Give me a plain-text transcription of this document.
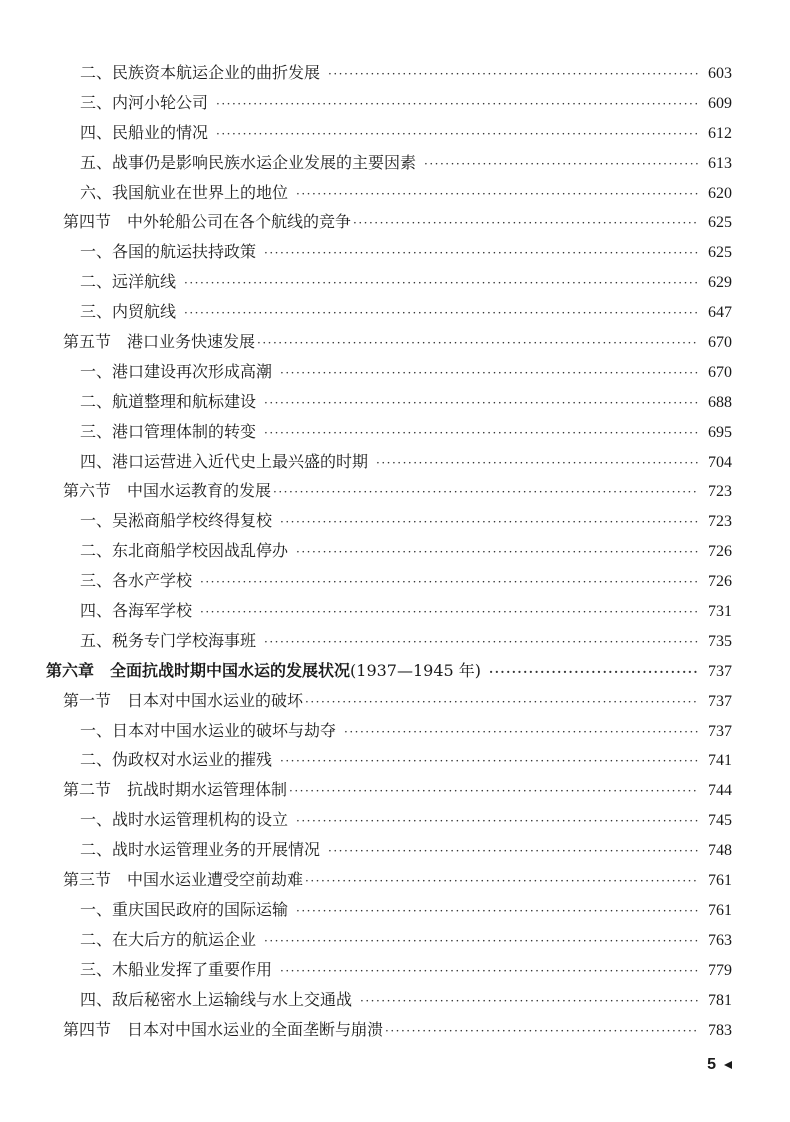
二、民族资本航运企业的曲折发展 ·····	603
三、内河小轮公司 ·····	609
四、民船业的情况 ·····	612
五、战事仍是影响民族水运企业发展的主要因素 ·····	613
六、我国航业在世界上的地位 ·····	620
第四节　中外轮船公司在各个航线的竞争 ·····	625
一、各国的航运扶持政策 ·····	625
二、远洋航线 ·····	629
三、内贸航线 ·····	647
第五节　港口业务快速发展 ·····	670
一、港口建设再次形成高潮 ·····	670
二、航道整理和航标建设 ·····	688
三、港口管理体制的转变 ·····	695
四、港口运营进入近代史上最兴盛的时期 ·····	704
第六节　中国水运教育的发展 ·····	723
一、吴淞商船学校终得复校 ·····	723
二、东北商船学校因战乱停办 ·····	726
三、各水产学校 ·····	726
四、各海军学校 ·····	731
五、税务专门学校海事班 ·····	735
第六章　全面抗战时期中国水运的发展状况(1937—1945 年) ·····	737
第一节　日本对中国水运业的破坏 ·····	737
一、日本对中国水运业的破坏与劫夺 ·····	737
二、伪政权对水运业的摧残 ·····	741
第二节　抗战时期水运管理体制 ·····	744
一、战时水运管理机构的设立 ·····	745
二、战时水运管理业务的开展情况 ·····	748
第三节　中国水运业遭受空前劫难 ·····	761
一、重庆国民政府的国际运输 ·····	761
二、在大后方的航运企业 ·····	763
三、木船业发挥了重要作用 ·····	779
四、敌后秘密水上运输线与水上交通战 ·····	781
第四节　日本对中国水运业的全面垄断与崩溃 ·····	783
5
